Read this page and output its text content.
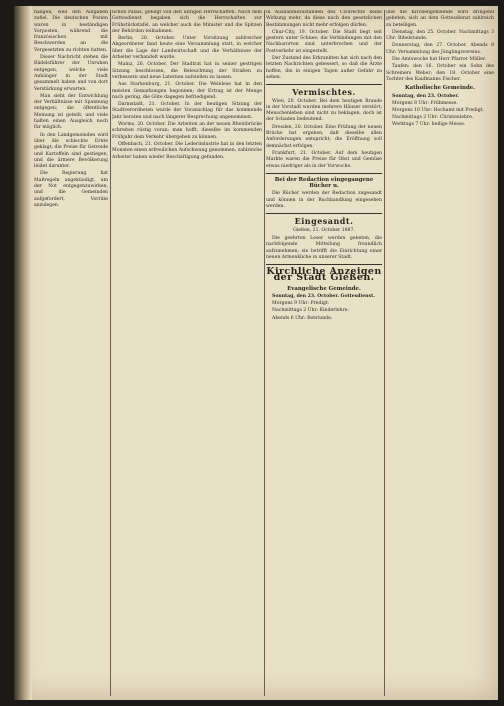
hängen, weil den Aufgaben zufiel. Die deutschen Posten waren in beständigen Vorposten, während die französischen mit Beschwerden an die Vorgesetzten zu richten hatten.

Dieser Nachricht stehen die Rädelsführer der Unruhen entgegen, welche viele Anhänger in der Stadt gesammelt haben und von dort Verstärkung erwarten.

Man sieht der Entwicklung der Verhältnisse mit Spannung entgegen; die öffentliche Meinung ist geteilt, und viele halten einen Ausgleich noch für möglich.

In den Landgemeinden wird über die schlechte Ernte geklagt; die Preise für Getreide und Kartoffeln sind gestiegen, und die ärmere Bevölkerung leidet darunter.

Die Regierung hat Maßregeln angekündigt, um der Not entgegenzuwirken, und die Gemeinden aufgefordert, Vorräte anzulegen.

lichen Palais, gefolgt von den übrigen Herrschaften. Nach dem Gottesdienst begaben sich die Herrschaften zur Frühstückstafel, an welcher auch die Minister und die Spitzen der Behörden teilnahmen.

Berlin, 20. October. Unter Vorsitzung zahlreicher Abgeordneter fand heute eine Versammlung statt, in welcher über die Lage der Landwirtschaft und die Verhältnisse der Arbeiter verhandelt wurde.

Mainz, 20. October. Der Stadtrat hat in seiner gestrigen Sitzung beschlossen, die Beleuchtung der Straßen zu verbessern und neue Laternen aufstellen zu lassen.

Aus Starkenburg, 21. October. Die Weinlese hat in den meisten Gemarkungen begonnen; der Ertrag ist der Menge nach gering, die Güte dagegen befriedigend.

Darmstadt, 21. October. In der heutigen Sitzung der Stadtverordneten wurde der Voranschlag für das kommende Jahr beraten und nach längerer Besprechung angenommen.

Worms, 20. October. Die Arbeiten an der neuen Rheinbrücke schreiten rüstig voran; man hofft, dieselbe im kommenden Frühjahr dem Verkehr übergeben zu können.

Offenbach, 21. October. Die Lederindustrie hat in den letzten Monaten einen erfreulichen Aufschwung genommen; zahlreiche Arbeiter haben wieder Beschäftigung gefunden.

in Ausnahmezuständen des Civilrechts keine Wirkung mehr, da diese nach den gesetzlichen Bestimmungen nicht mehr erfolgen dürfen.

Chur-City, 19. October. Die Stadt liegt seit gestern unter Schnee; die Verbindungen mit den Nachbarorten sind unterbrochen und der Postverkehr ist eingestellt.

Der Zustand des Erkrankten hat sich nach den letzten Nachrichten gebessert, so daß die Ärzte hoffen, ihn in einigen Tagen außer Gefahr zu sehen.

Vermischtes.

Wien, 20. October. Bei dem heutigen Brande in der Vorstadt wurden mehrere Häuser zerstört; Menschenleben sind nicht zu beklagen, doch ist der Schaden bedeutend.

Dresden, 20. October. Eine Prüfung der neuen Brücke hat ergeben, daß dieselbe allen Anforderungen entspricht; die Eröffnung soll demnächst erfolgen.

Frankfurt, 21. October. Auf dem heutigen Markte waren die Preise für Obst und Gemüse etwas niedriger als in der Vorwoche.

Bei der Redaction eingegangene Bücher u.

Die Bücher werden der Redaction zugesandt und können in der Buchhandlung eingesehen werden.

Eingesandt.
Gießen, 21. October 1887.

Die geehrten Leser werden gebeten, die nachfolgende Mitteilung freundlich aufzunehmen; sie betrifft die Einrichtung einer neuen Armenküche in unserer Stadt.

Kirchliche Anzeigen der Stadt Gießen.
Evangelische Gemeinde.

Sonntag, den 23. October. Gottesdienst.

Morgens 9 Uhr: Predigt.

Nachmittags 2 Uhr: Kinderlehre.

Abends 6 Uhr: Betstunde.

und die Kirchengemeinde wird dringend gebeten, sich an dem Gottesdienst zahlreich zu beteiligen.

Dienstag, den 25. October. Nachmittags 3 Uhr: Bibelstunde.

Donnerstag, den 27. October. Abends 8 Uhr: Versammlung des Jünglingsvereins.

Die Amtswoche hat Herr Pfarrer Müller.

Taufen: den 16. October ein Sohn des Schreiners Weber; den 18. October eine Tochter des Kaufmanns Fischer.

Katholische Gemeinde.

Sonntag, den 23. October.

Morgens 8 Uhr: Frühmesse.

Morgens 10 Uhr: Hochamt mit Predigt.

Nachmittags 2 Uhr: Christenlehre.

Werktags 7 Uhr: heilige Messe.
